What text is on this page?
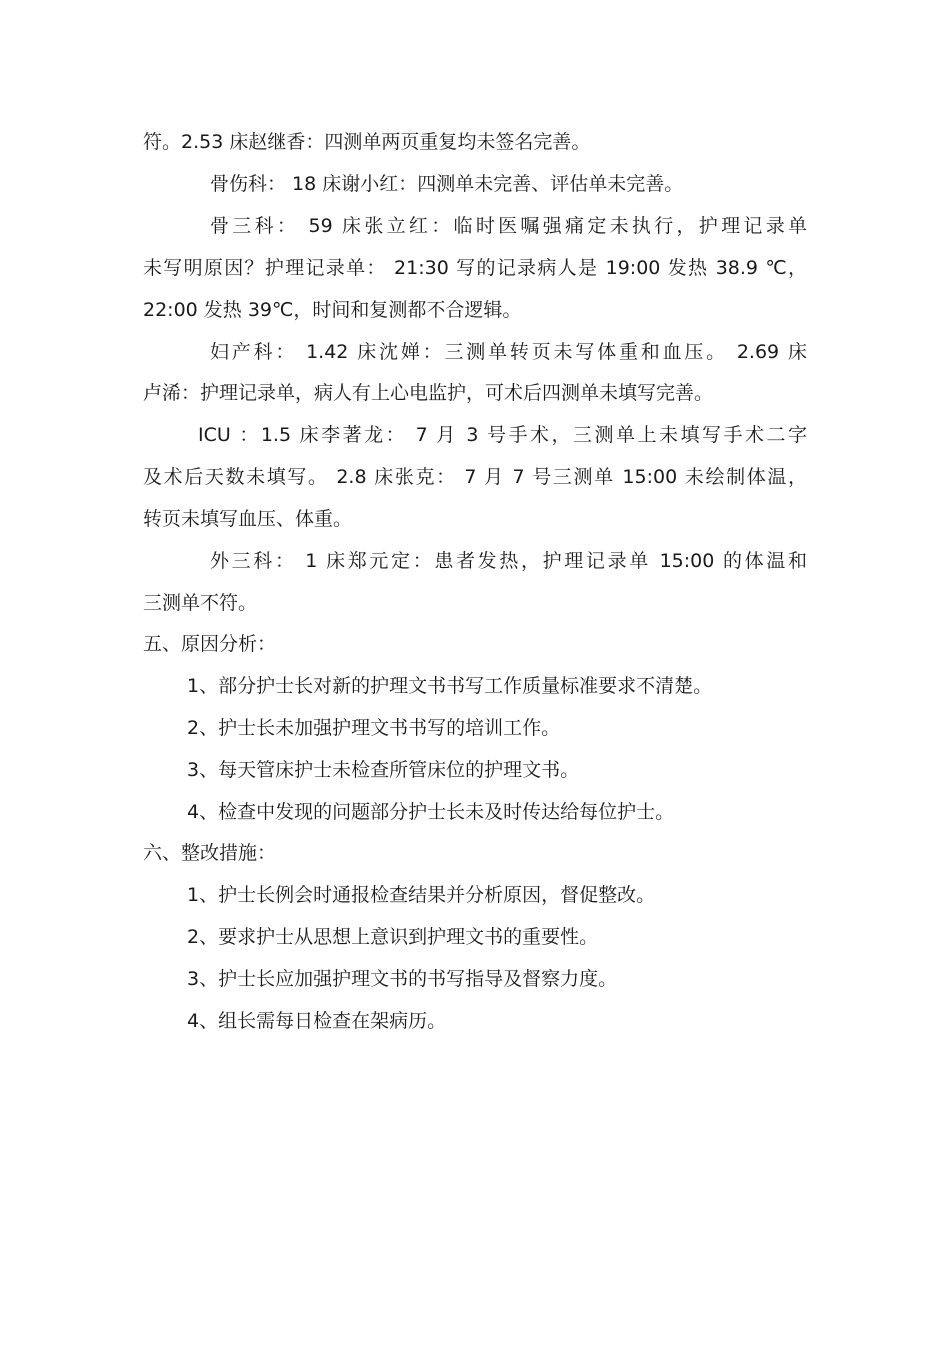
符。2.53 床赵继香：四测单两页重复均未签名完善。
骨伤科： 18 床谢小红：四测单未完善、评估单未完善。
骨三科： 59 床张立红：临时医嘱强痛定未执行，护理记录单
未写明原因？护理记录单： 21:30 写的记录病人是 19:00 发热 38.9 ℃，
22:00 发热 39℃，时间和复测都不合逻辑。
妇产科： 1.42 床沈婵：三测单转页未写体重和血压。 2.69 床
卢浠：护理记录单，病人有上心电监护，可术后四测单未填写完善。
ICU ：1.5 床李著龙： 7 月 3 号手术，三测单上未填写手术二字
及术后天数未填写。 2.8 床张克： 7 月 7 号三测单 15:00 未绘制体温，
转页未填写血压、体重。
外三科： 1 床郑元定：患者发热，护理记录单 15:00 的体温和
三测单不符。
五、原因分析：
1、部分护士长对新的护理文书书写工作质量标准要求不清楚。
2、护士长未加强护理文书书写的培训工作。
3、每天管床护士未检查所管床位的护理文书。
4、检查中发现的问题部分护士长未及时传达给每位护士。
六、整改措施：
1、护士长例会时通报检查结果并分析原因，督促整改。
2、要求护士从思想上意识到护理文书的重要性。
3、护士长应加强护理文书的书写指导及督察力度。
4、组长需每日检查在架病历。
